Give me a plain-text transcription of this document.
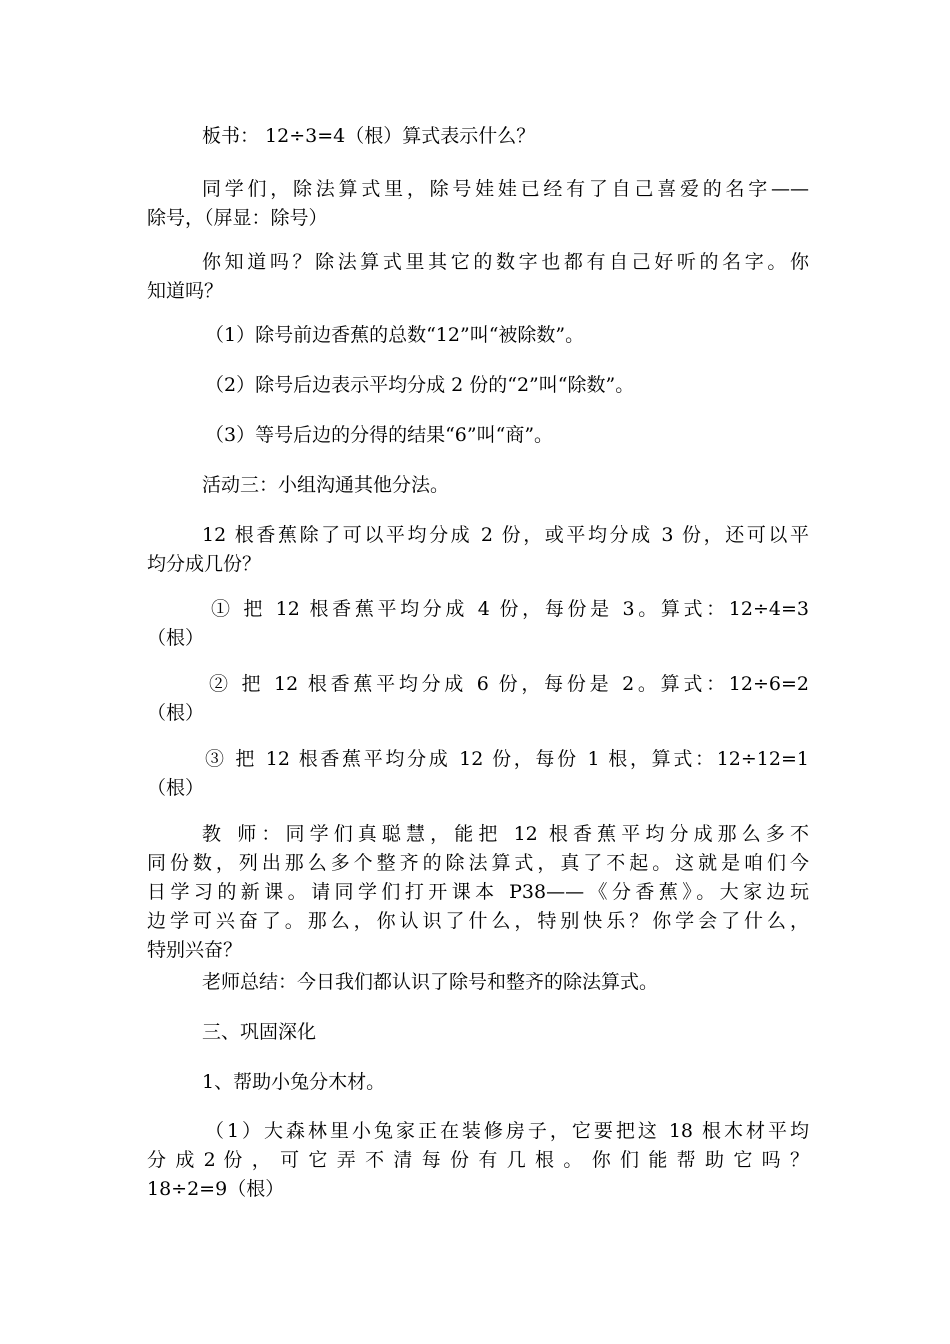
板书： 12÷3=4（根）算式表示什么？

同学们，除法算式里，除号娃娃已经有了自己喜爱的名字——
除号，（屏显：除号）

你知道吗？除法算式里其它的数字也都有自己好听的名字。你
知道吗？

（1）除号前边香蕉的总数“12”叫“被除数”。

（2）除号后边表示平均分成 2 份的“2”叫“除数”。

（3）等号后边的分得的结果“6”叫“商”。

活动三：小组沟通其他分法。

12 根香蕉除了可以平均分成 2 份，或平均分成 3 份，还可以平
均分成几份？

① 把 12 根香蕉平均分成 4 份，每份是 3。算式：12÷4=3
（根）

② 把 12 根香蕉平均分成 6 份，每份是 2。算式：12÷6=2
（根）

③ 把 12 根香蕉平均分成 12 份，每份 1 根，算式：12÷12=1
（根）

教 师：同学们真聪慧，能把 12 根香蕉平均分成那么多不
同份数，列出那么多个整齐的除法算式，真了不起。这就是咱们今
日学习的新课。请同学们打开课本 P38——《分香蕉》。大家边玩
边学可兴奋了。那么，你认识了什么，特别快乐？你学会了什么，
特别兴奋？

老师总结：今日我们都认识了除号和整齐的除法算式。

三、巩固深化

1、帮助小兔分木材。

（1）大森林里小兔家正在装修房子，它要把这 18 根木材平均
分 成 2 份 ， 可 它 弄 不 清 每 份 有 几 根 。 你 们 能 帮 助 它 吗 ？
18÷2=9（根）
